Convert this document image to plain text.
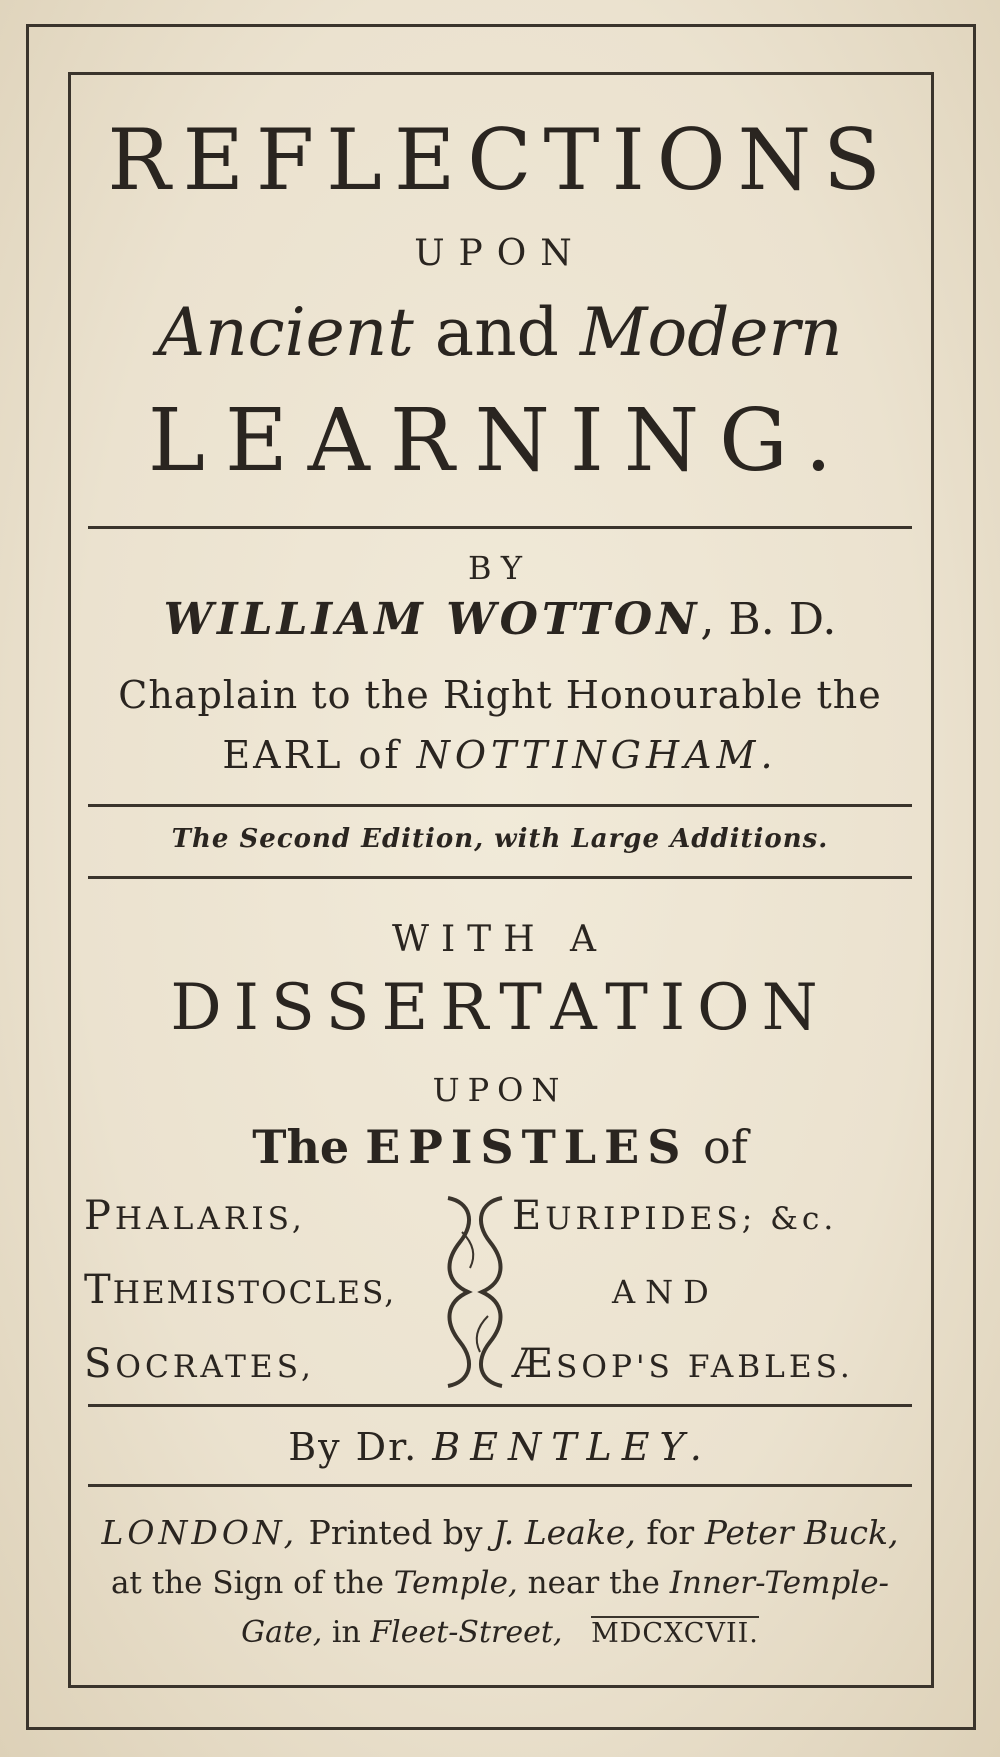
REFLECTIONS
UPON
Ancient and Modern
LEARNING.
BY
WILLIAM WOTTON, B. D.
Chaplain to the Right Honourable the
EARL of NOTTINGHAM.
The Second Edition, with Large Additions.
WITH A
DISSERTATION
UPON
The EPISTLES of
PHALARIS,
THEMISTOCLES,
SOCRATES,
EURIPIDES; &c.
AND
ÆSOP'S FABLES.
By Dr. BENTLEY.
LONDON, Printed by J. Leake, for Peter Buck,
at the Sign of the Temple, near the Inner-Temple-
Gate, in Fleet-Street, MDCXCVII.
